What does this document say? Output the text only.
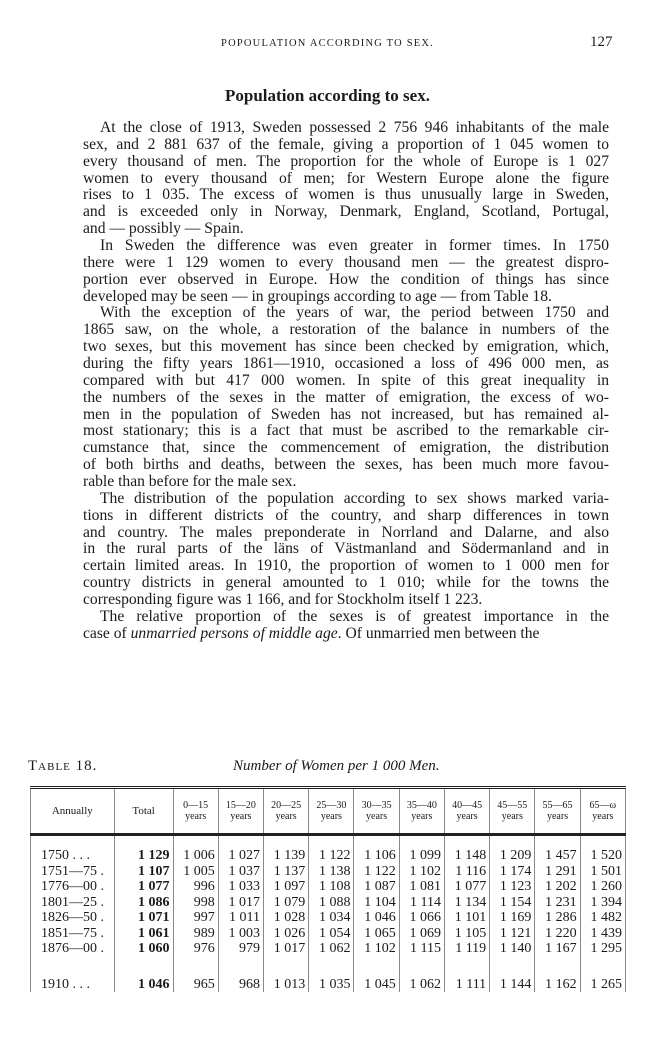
POPOULATION ACCORDING TO SEX.	127
Population according to sex.
At the close of 1913, Sweden possessed 2 756 946 inhabitants of the male
sex, and 2 881 637 of the female, giving a proportion of 1 045 women to
every thousand of men. The proportion for the whole of Europe is 1 027
women to every thousand of men; for Western Europe alone the figure
rises to 1 035. The excess of women is thus unusually large in Sweden,
and is exceeded only in Norway, Denmark, England, Scotland, Portugal,
and — possibly — Spain.
In Sweden the difference was even greater in former times. In 1750
there were 1 129 women to every thousand men — the greatest dispro-
portion ever observed in Europe. How the condition of things has since
developed may be seen — in groupings according to age — from Table 18.
With the exception of the years of war, the period between 1750 and
1865 saw, on the whole, a restoration of the balance in numbers of the
two sexes, but this movement has since been checked by emigration, which,
during the fifty years 1861—1910, occasioned a loss of 496 000 men, as
compared with but 417 000 women. In spite of this great inequality in
the numbers of the sexes in the matter of emigration, the excess of wo-
men in the population of Sweden has not increased, but has remained al-
most stationary; this is a fact that must be ascribed to the remarkable cir-
cumstance that, since the commencement of emigration, the distribution
of both births and deaths, between the sexes, has been much more favou-
rable than before for the male sex.
The distribution of the population according to sex shows marked varia-
tions in different districts of the country, and sharp differences in town
and country. The males preponderate in Norrland and Dalarne, and also
in the rural parts of the läns of Västmanland and Södermanland and in
certain limited areas. In 1910, the proportion of women to 1 000 men for
country districts in general amounted to 1 010; while for the towns the
corresponding figure was 1 166, and for Stockholm itself 1 223.
The relative proportion of the sexes is of greatest importance in the
case of unmarried persons of middle age. Of unmarried men between the
Table 18.	Number of Women per 1 000 Men.
Annually	Total	0—15 years	15—20 years	20—25 years	25—30 years	30—35 years	35—40 years	40—45 years	45—55 years	55—65 years	65—ω years

1750 . . .	1 129	1 006	1 027	1 139	1 122	1 106	1 099	1 148	1 209	1 457	1 520
1751—75 .	1 107	1 005	1 037	1 137	1 138	1 122	1 102	1 116	1 174	1 291	1 501
1776—00 .	1 077	996	1 033	1 097	1 108	1 087	1 081	1 077	1 123	1 202	1 260
1801—25 .	1 086	998	1 017	1 079	1 088	1 104	1 114	1 134	1 154	1 231	1 394
1826—50 .	1 071	997	1 011	1 028	1 034	1 046	1 066	1 101	1 169	1 286	1 482
1851—75 .	1 061	989	1 003	1 026	1 054	1 065	1 069	1 105	1 121	1 220	1 439
1876—00 .	1 060	976	979	1 017	1 062	1 102	1 115	1 119	1 140	1 167	1 295

1910 . . .	1 046	965	968	1 013	1 035	1 045	1 062	1 111	1 144	1 162	1 265
